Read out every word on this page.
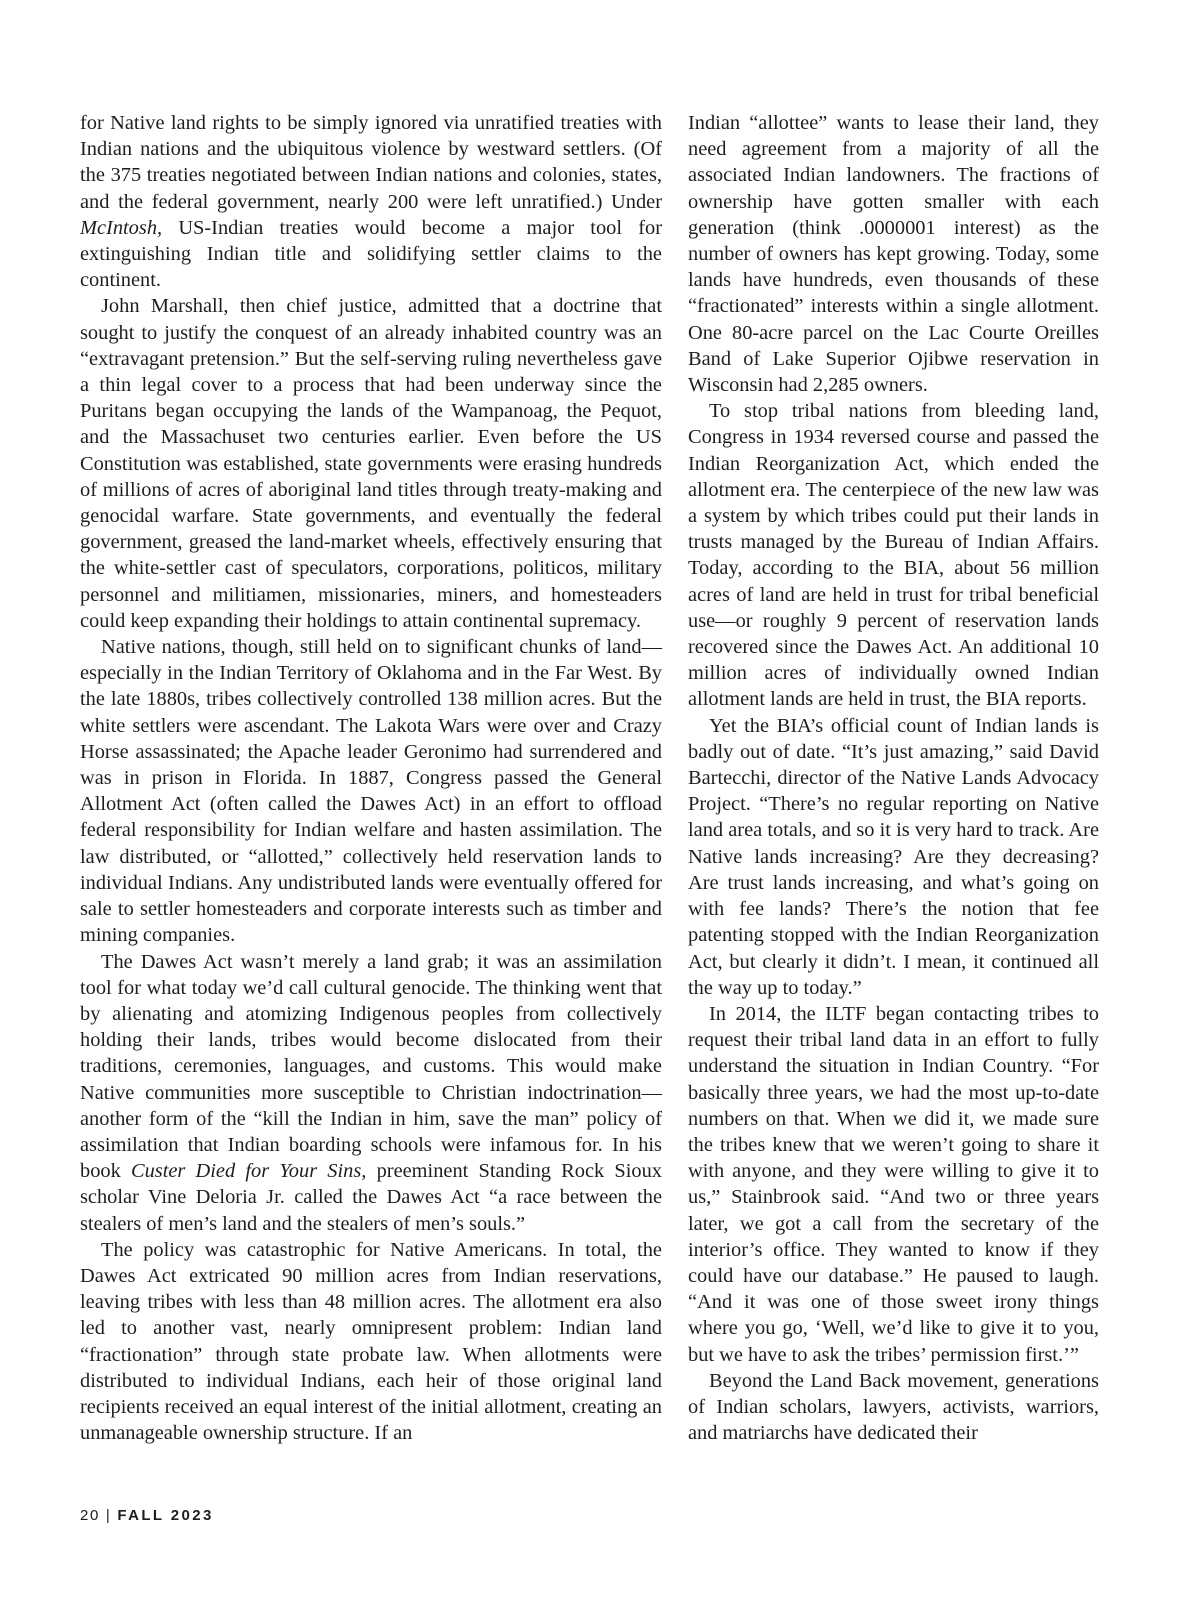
for Native land rights to be simply ignored via unratified treaties with Indian nations and the ubiquitous violence by westward settlers. (Of the 375 treaties negotiated between Indian nations and colonies, states, and the federal government, nearly 200 were left unratified.) Under McIntosh, US-Indian treaties would become a major tool for extinguishing Indian title and solidifying settler claims to the continent.

John Marshall, then chief justice, admitted that a doctrine that sought to justify the conquest of an already inhabited country was an “extravagant pretension.” But the self-serving ruling nevertheless gave a thin legal cover to a process that had been underway since the Puritans began occupying the lands of the Wampanoag, the Pequot, and the Massachuset two centuries earlier. Even before the US Constitution was established, state governments were erasing hundreds of millions of acres of aboriginal land titles through treaty-making and genocidal warfare. State governments, and eventually the federal government, greased the land-market wheels, effectively ensuring that the white-settler cast of speculators, corporations, politicos, military personnel and militiamen, missionaries, miners, and homesteaders could keep expanding their holdings to attain continental supremacy.

Native nations, though, still held on to significant chunks of land—especially in the Indian Territory of Oklahoma and in the Far West. By the late 1880s, tribes collectively controlled 138 million acres. But the white settlers were ascendant. The Lakota Wars were over and Crazy Horse assassinated; the Apache leader Geronimo had surrendered and was in prison in Florida. In 1887, Congress passed the General Allotment Act (often called the Dawes Act) in an effort to offload federal responsibility for Indian welfare and hasten assimilation. The law distributed, or “allotted,” collectively held reservation lands to individual Indians. Any undistributed lands were eventually offered for sale to settler homesteaders and corporate interests such as timber and mining companies.

The Dawes Act wasn’t merely a land grab; it was an assimilation tool for what today we’d call cultural genocide. The thinking went that by alienating and atomizing Indigenous peoples from collectively holding their lands, tribes would become dislocated from their traditions, ceremonies, languages, and customs. This would make Native communities more susceptible to Christian indoctrination—another form of the “kill the Indian in him, save the man” policy of assimilation that Indian boarding schools were infamous for. In his book Custer Died for Your Sins, preeminent Standing Rock Sioux scholar Vine Deloria Jr. called the Dawes Act “a race between the stealers of men’s land and the stealers of men’s souls.”

The policy was catastrophic for Native Americans. In total, the Dawes Act extricated 90 million acres from Indian reservations, leaving tribes with less than 48 million acres. The allotment era also led to another vast, nearly omnipresent problem: Indian land “fractionation” through state probate law. When allotments were distributed to individual Indians, each heir of those original land recipients received an equal interest of the initial allotment, creating an unmanageable ownership structure. If an

Indian “allottee” wants to lease their land, they need agreement from a majority of all the associated Indian landowners. The fractions of ownership have gotten smaller with each generation (think .0000001 interest) as the number of owners has kept growing. Today, some lands have hundreds, even thousands of these “fractionated” interests within a single allotment. One 80-acre parcel on the Lac Courte Oreilles Band of Lake Superior Ojibwe reservation in Wisconsin had 2,285 owners.

To stop tribal nations from bleeding land, Congress in 1934 reversed course and passed the Indian Reorganization Act, which ended the allotment era. The centerpiece of the new law was a system by which tribes could put their lands in trusts managed by the Bureau of Indian Affairs. Today, according to the BIA, about 56 million acres of land are held in trust for tribal beneficial use—or roughly 9 percent of reservation lands recovered since the Dawes Act. An additional 10 million acres of individually owned Indian allotment lands are held in trust, the BIA reports.

Yet the BIA’s official count of Indian lands is badly out of date. “It’s just amazing,” said David Bartecchi, director of the Native Lands Advocacy Project. “There’s no regular reporting on Native land area totals, and so it is very hard to track. Are Native lands increasing? Are they decreasing? Are trust lands increasing, and what’s going on with fee lands? There’s the notion that fee patenting stopped with the Indian Reorganization Act, but clearly it didn’t. I mean, it continued all the way up to today.”

In 2014, the ILTF began contacting tribes to request their tribal land data in an effort to fully understand the situation in Indian Country. “For basically three years, we had the most up-to-date numbers on that. When we did it, we made sure the tribes knew that we weren’t going to share it with anyone, and they were willing to give it to us,” Stainbrook said. “And two or three years later, we got a call from the secretary of the interior’s office. They wanted to know if they could have our database.” He paused to laugh. “And it was one of those sweet irony things where you go, ‘Well, we’d like to give it to you, but we have to ask the tribes’ permission first.’”

Beyond the Land Back movement, generations of Indian scholars, lawyers, activists, warriors, and matriarchs have dedicated their

20 | FALL 2023
